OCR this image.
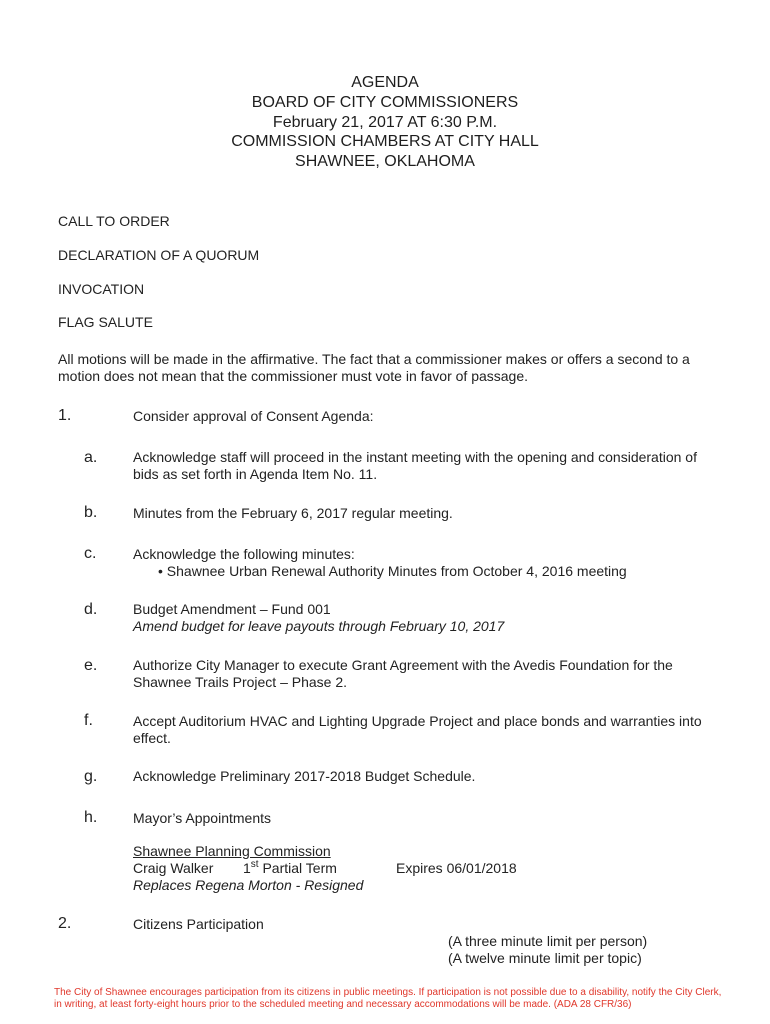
AGENDA
BOARD OF CITY COMMISSIONERS
February 21, 2017 AT 6:30 P.M.
COMMISSION CHAMBERS AT CITY HALL
SHAWNEE, OKLAHOMA
CALL TO ORDER
DECLARATION OF A QUORUM
INVOCATION
FLAG SALUTE
All motions will be made in the affirmative. The fact that a commissioner makes or offers a second to a motion does not mean that the commissioner must vote in favor of passage.
1.	Consider approval of Consent Agenda:
a.	Acknowledge staff will proceed in the instant meeting with the opening and consideration of bids as set forth in Agenda Item No. 11.
b.	Minutes from the February 6, 2017 regular meeting.
c.	Acknowledge the following minutes:
• Shawnee Urban Renewal Authority Minutes from October 4, 2016 meeting
d.	Budget Amendment – Fund 001
Amend budget for leave payouts through February 10, 2017
e.	Authorize City Manager to execute Grant Agreement with the Avedis Foundation for the Shawnee Trails Project – Phase 2.
f.	Accept Auditorium HVAC and Lighting Upgrade Project and place bonds and warranties into effect.
g.	Acknowledge Preliminary 2017-2018 Budget Schedule.
h.	Mayor’s Appointments
Shawnee Planning Commission
Craig Walker 1st Partial Term	Expires 06/01/2018
Replaces Regena Morton - Resigned
2.	Citizens Participation
(A three minute limit per person)
(A twelve minute limit per topic)
The City of Shawnee encourages participation from its citizens in public meetings. If participation is not possible due to a disability, notify the City Clerk, in writing, at least forty-eight hours prior to the scheduled meeting and necessary accommodations will be made. (ADA 28 CFR/36)
